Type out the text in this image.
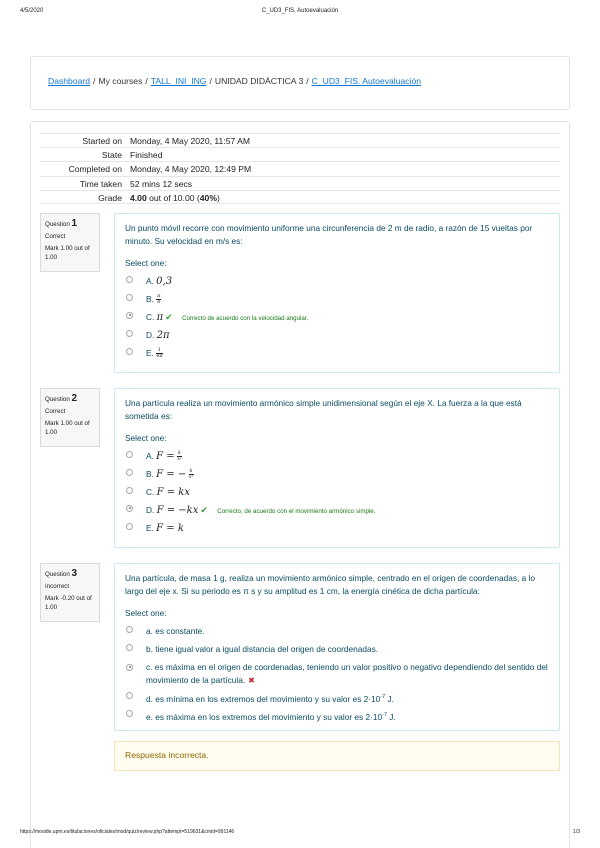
4/5/2020	C_UD3_FIS. Autoevaluación
Dashboard / My courses / TALL_INI_ING / UNIDAD DIDÁCTICA 3 / C_UD3_FIS. Autoevaluación
Started on Monday, 4 May 2020, 11:57 AM
State Finished
Completed on Monday, 4 May 2020, 12:49 PM
Time taken 52 mins 12 secs
Grade 4.00 out of 10.00 (40%)
Question 1
Correct
Mark 1.00 out of 1.00
Un punto móvil recorre con movimiento uniforme una circunferencia de 2 m de radio, a razón de 15 vueltas por minuto. Su velocidad en m/s es:
Select one:
A. 0,3
B. $\frac{\pi}{8}$
C. π ✔ Correcto de acuerdo con la velocidad angular.
D. 2π
E. $\frac{1}{4\pi}$
Question 2
Correct
Mark 1.00 out of 1.00
Una partícula realiza un movimiento armónico simple unidimensional según el eje X. La fuerza a la que está sometida es:
Select one:
A. $F = \frac{k}{\text{x²}}$
B. F = − $\frac{k}{\text{x²}}$
C. F = kx
D. F = −kx ✔ Correcto, de acuerdo con el movimiento armónico simple.
E. F = k
Question 3
Incorrect
Mark -0.20 out of 1.00
Una partícula, de masa 1 g, realiza un movimiento armónico simple, centrado en el origen de coordenadas, a lo largo del eje x. Si su periodo es π s y su amplitud es 1 cm, la energía cinética de dicha partícula:
Select one:
a. es constante.
b. tiene igual valor a igual distancia del origen de coordenadas.
c. es máxima en el origen de coordenadas, teniendo un valor positivo o negativo dependiendo del sentido del movimiento de la partícula. ✖
d. es mínima en los extremos del movimiento y su valor es $2\cdot 10^{-7}$ J.
e. es máxima en los extremos del movimiento y su valor es $2\cdot 10^{-7}$ J.
Respuesta incorrecta.
https://moodle.upm.es/titulaciones/oficiales/mod/quiz/review.php?attempt=519631&cmid=991146	1/3
